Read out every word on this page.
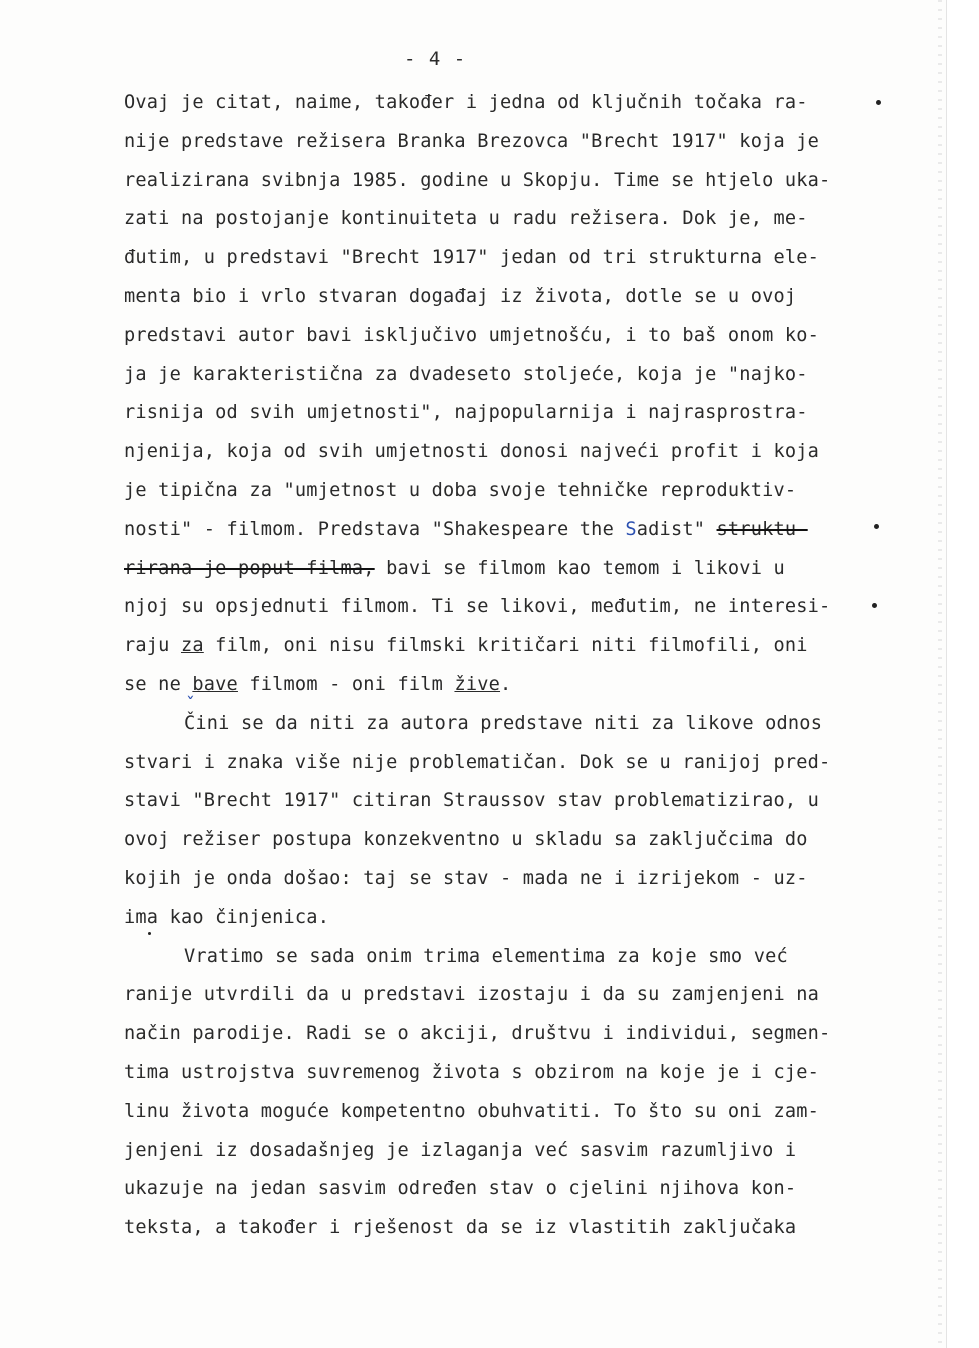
- 4 -
Ovaj je citat, naime, također i jedna od ključnih točaka ra-
nije predstave režisera Branka Brezovca "Brecht 1917" koja je
realizirana svibnja 1985. godine u Skopju. Time se htjelo uka-
zati na postojanje kontinuiteta u radu režisera. Dok je, me-
đutim, u predstavi "Brecht 1917" jedan od tri strukturna ele-
menta bio i vrlo stvaran događaj iz života, dotle se u ovoj
predstavi autor bavi isključivo umjetnošću, i to baš onom ko-
ja je karakteristična za dvadeseto stoljeće, koja je "najko-
risnija od svih umjetnosti", najpopularnija i najrasprostra-
njenija, koja od svih umjetnosti donosi najveći profit i koja
je tipična za "umjetnost u doba svoje tehničke reproduktiv-
nosti" - filmom. Predstava "Shakespeare the Sadist" struktu-
rirana je poput filma, bavi se filmom kao temom i likovi u
njoj su opsjednuti filmom. Ti se likovi, međutim, ne interesi-
raju za film, oni nisu filmski kritičari niti filmofili, oni
se ne bave filmom - oni film žive.
Čini se da niti za autora predstave niti za likove odnos
stvari i znaka više nije problematičan. Dok se u ranijoj pred-
stavi "Brecht 1917" citiran Straussov stav problematizirao, u
ovoj režiser postupa konzekventno u skladu sa zaključcima do
kojih je onda došao: taj se stav - mada ne i izrijekom - uz-
ima kao činjenica.
Vratimo se sada onim trima elementima za koje smo već
ranije utvrdili da u predstavi izostaju i da su zamjenjeni na
način parodije. Radi se o akciji, društvu i individui, segmen-
tima ustrojstva suvremenog života s obzirom na koje je i cje-
linu života moguće kompetentno obuhvatiti. To što su oni zam-
jenjeni iz dosadašnjeg je izlaganja već sasvim razumljivo i
ukazuje na jedan sasvim određen stav o cjelini njihova kon-
teksta, a također i rješenost da se iz vlastitih zaključaka
ˇ
